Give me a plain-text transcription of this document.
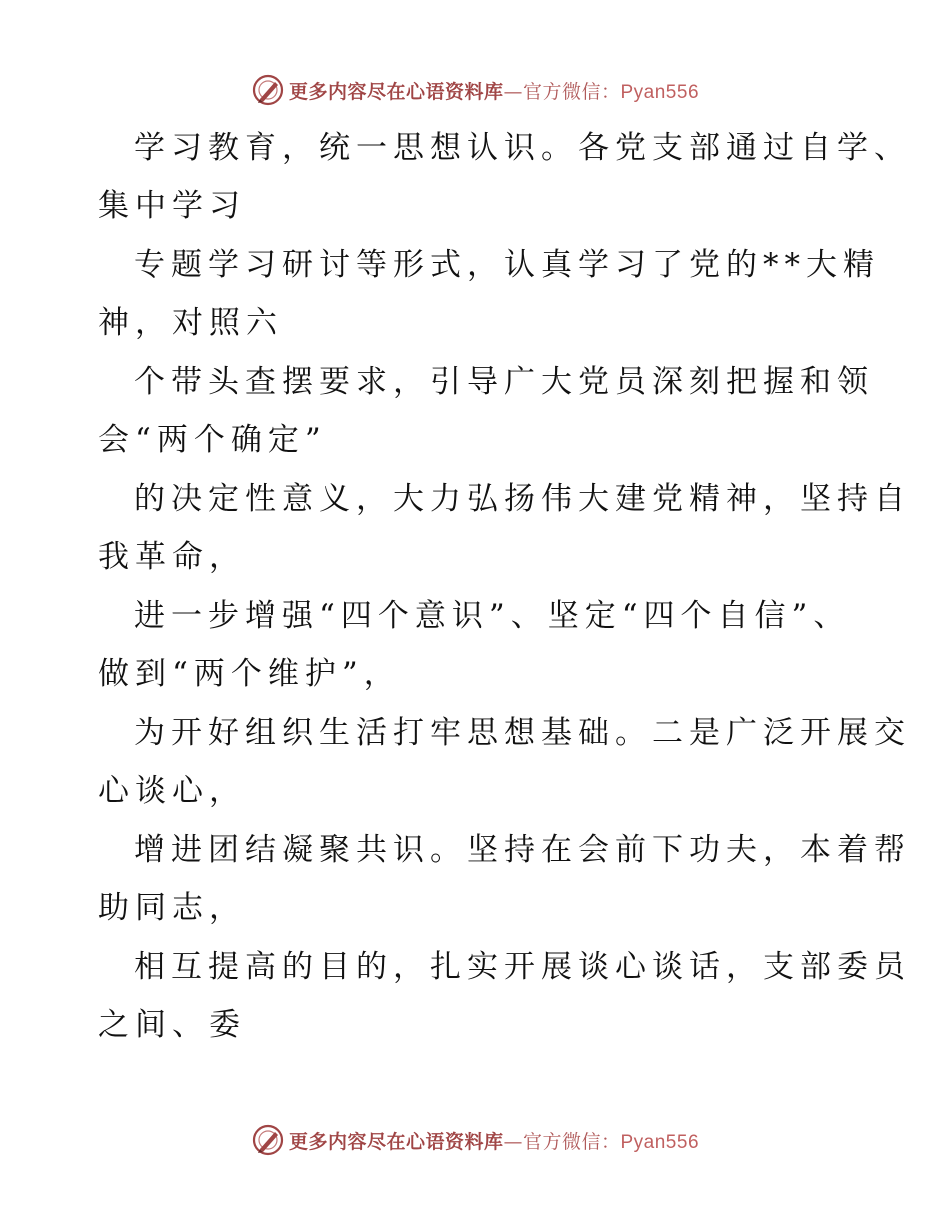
更多内容尽在心语资料库—官方微信：Pyan556
学习教育，统一思想认识。各党支部通过自学、
集中学习
专题学习研讨等形式，认真学习了党的**大精
神，对照六
个带头查摆要求，引导广大党员深刻把握和领
会“两个确定”
的决定性意义，大力弘扬伟大建党精神，坚持自
我革命，
进一步增强“四个意识”、坚定“四个自信”、
做到“两个维护”，
为开好组织生活打牢思想基础。二是广泛开展交
心谈心，
增进团结凝聚共识。坚持在会前下功夫，本着帮
助同志，
相互提高的目的，扎实开展谈心谈话，支部委员
之间、委
更多内容尽在心语资料库—官方微信：Pyan556
